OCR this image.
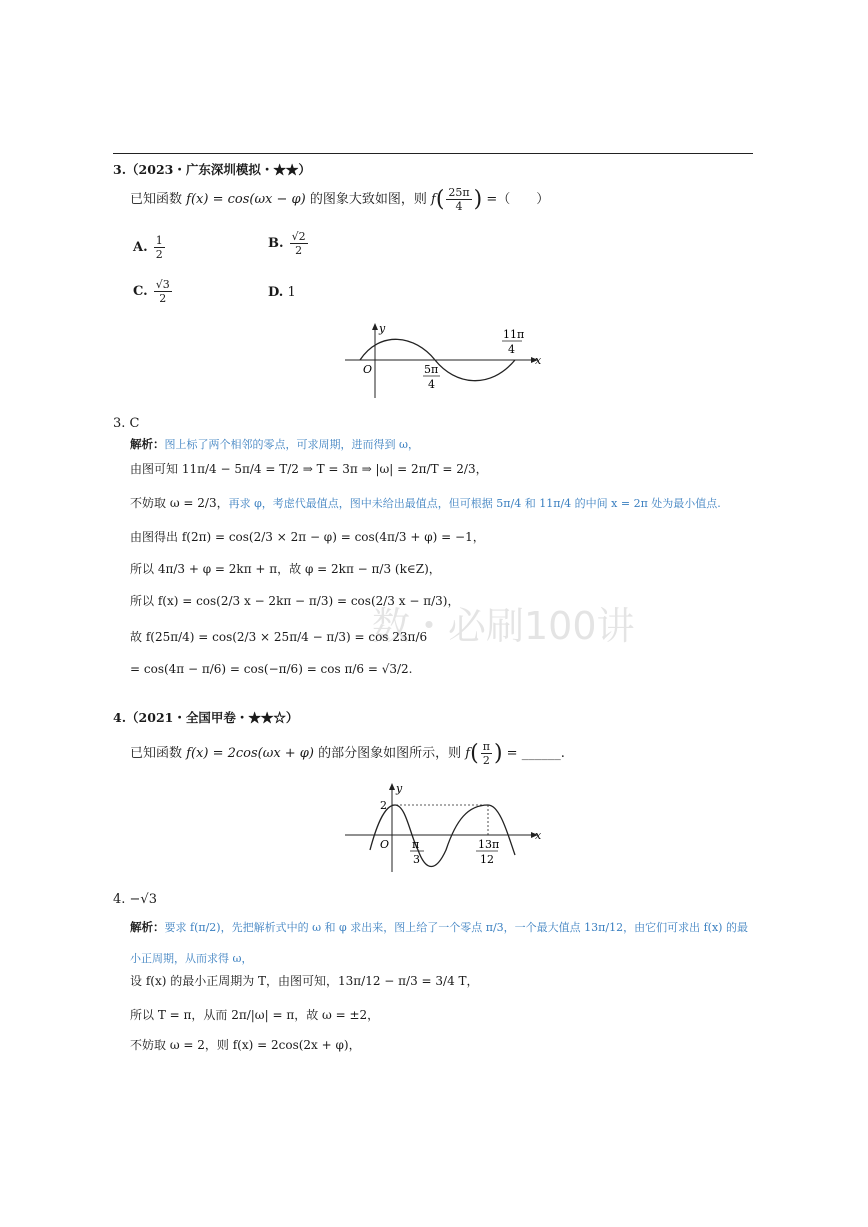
数・必刷100讲
3.（2023・广东深圳模拟・★★）
已知函数 f(x) = cos(ωx − φ) 的图象大致如图，则 $f( \frac{25\pi}{4}$ ) =（　　）
A. $\frac{1}{2}$	B. $\frac{√2}{2}$
C. $\frac{√3}{2}$	D. 1
y
x
O	5π
4
11π
4
3. C
解析：图上标了两个相邻的零点，可求周期，进而得到 ω，
由图可知 11π/4 − 5π/4 = T/2 ⇒ T = 3π ⇒ |ω| = 2π/T = 2/3，
不妨取 ω = 2/3，再求 φ，考虑代最值点，图中未给出最值点，但可根据 5π/4 和 11π/4 的中间 x = 2π 处为最小值点.
由图得出 f(2π) = cos(2/3 × 2π − φ) = cos(4π/3 + φ) = −1，
所以 4π/3 + φ = 2kπ + π，故 φ = 2kπ − π/3 (k∈Z)，
所以 f(x) = cos(2/3 x − 2kπ − π/3) = cos(2/3 x − π/3)，
故 f(25π/4) = cos(2/3 × 25π/4 − π/3) = cos 23π/6
= cos(4π − π/6) = cos(−π/6) = cos π/6 = √3/2.
4.（2021・全国甲卷・★★☆）
已知函数 f(x) = 2cos(ωx + φ) 的部分图象如图所示，则 $f( \frac{\pi}{2}$ ) = ______.
y
x
2
O π
3
13π
12
4. −√3
解析：要求 f(π/2)，先把解析式中的 ω 和 φ 求出来，图上给了一个零点 π/3，一个最大值点 13π/12，由它们可求出 f(x) 的最小正周期，从而求得 ω，
设 f(x) 的最小正周期为 T，由图可知，13π/12 − π/3 = 3/4 T，
所以 T = π，从而 2π/|ω| = π，故 ω = ±2，
不妨取 ω = 2，则 f(x) = 2cos(2x + φ)，
